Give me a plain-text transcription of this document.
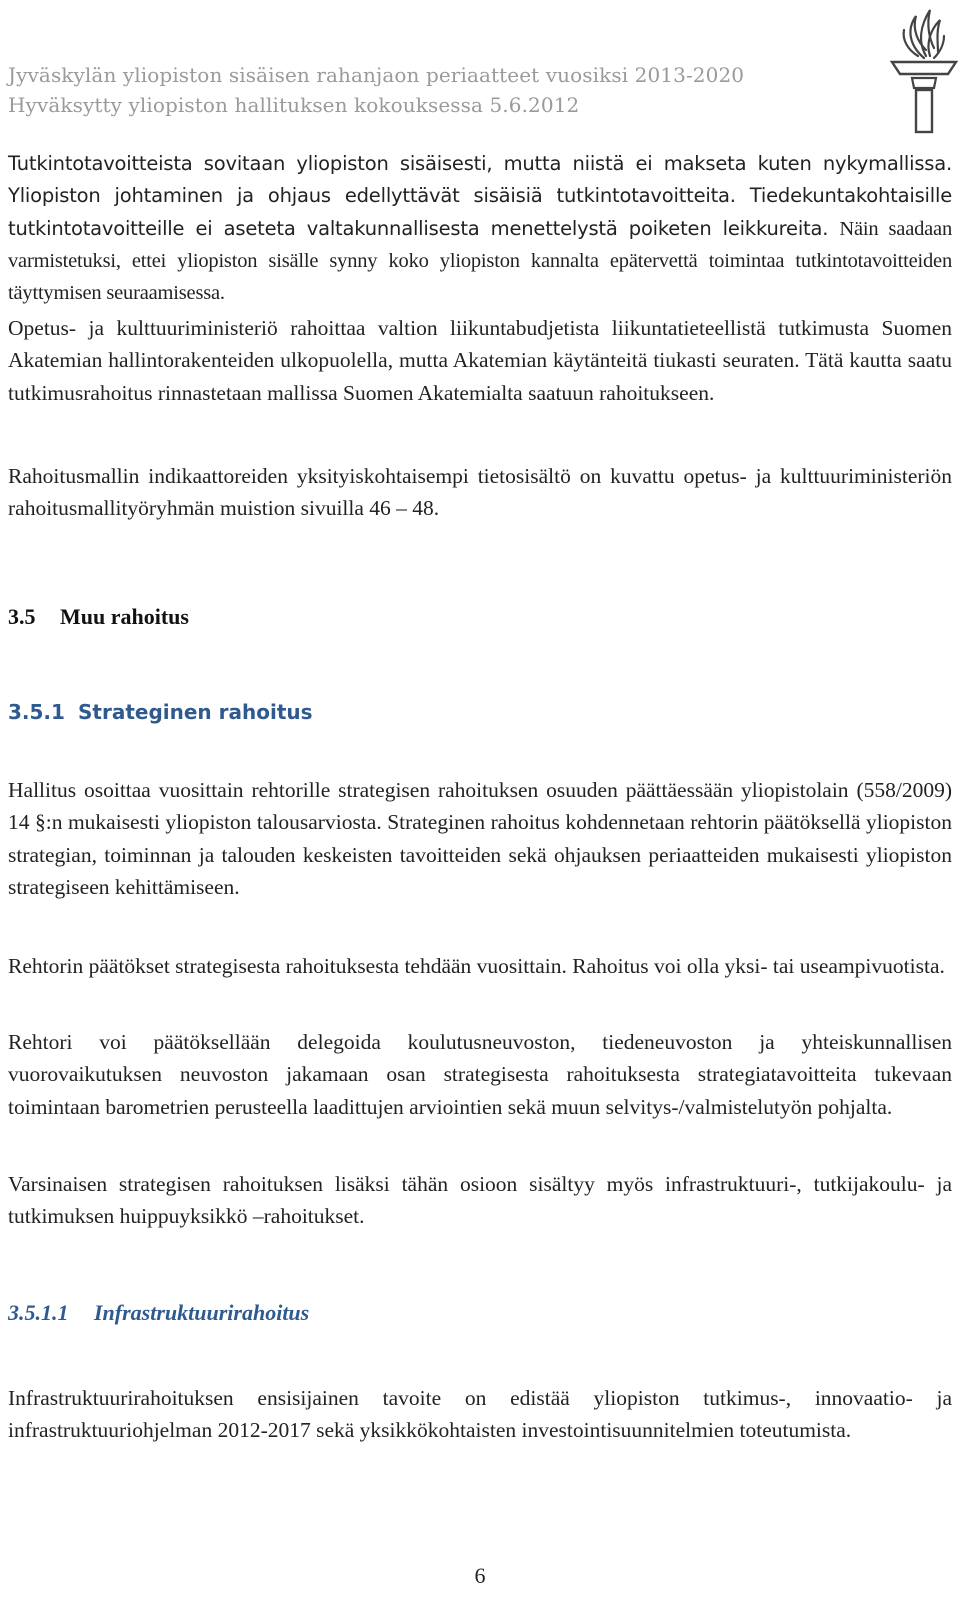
Jyväskylän yliopiston sisäisen rahanjaon periaatteet vuosiksi 2013-2020
Hyväksytty yliopiston hallituksen kokouksessa 5.6.2012

Tutkintotavoitteista sovitaan yliopiston sisäisesti, mutta niistä ei makseta kuten nykymallissa. Yliopiston johtaminen ja ohjaus edellyttävät sisäisiä tutkintotavoitteita. Tiedekuntakohtaisille tutkintotavoitteille ei aseteta valtakunnallisesta menettelystä poiketen leikkureita. Näin saadaan varmistetuksi, ettei yliopiston sisälle synny koko yliopiston kannalta epätervettä toimintaa tutkintotavoitteiden täyttymisen seuraamisessa.

Opetus- ja kulttuuriministeriö rahoittaa valtion liikuntabudjetista liikuntatieteellistä tutkimusta Suomen Akatemian hallintorakenteiden ulkopuolella, mutta Akatemian käytänteitä tiukasti seuraten. Tätä kautta saatu tutkimusrahoitus rinnastetaan mallissa Suomen Akatemialta saatuun rahoitukseen.

Rahoitusmallin indikaattoreiden yksityiskohtaisempi tietosisältö on kuvattu opetus- ja kulttuuriministeriön rahoitusmallityöryhmän muistion sivuilla 46 – 48.

3.5 Muu rahoitus
3.5.1 Strateginen rahoitus

Hallitus osoittaa vuosittain rehtorille strategisen rahoituksen osuuden päättäessään yliopistolain (558/2009) 14 §:n mukaisesti yliopiston talousarviosta. Strateginen rahoitus kohdennetaan rehtorin päätöksellä yliopiston strategian, toiminnan ja talouden keskeisten tavoitteiden sekä ohjauksen periaatteiden mukaisesti yliopiston strategiseen kehittämiseen.

Rehtorin päätökset strategisesta rahoituksesta tehdään vuosittain. Rahoitus voi olla yksi- tai useampivuotista.

Rehtori voi päätöksellään delegoida koulutusneuvoston, tiedeneuvoston ja yhteiskunnallisen vuorovaikutuksen neuvoston jakamaan osan strategisesta rahoituksesta strategiatavoitteita tukevaan toimintaan barometrien perusteella laadittujen arviointien sekä muun selvitys-/valmistelutyön pohjalta.

Varsinaisen strategisen rahoituksen lisäksi tähän osioon sisältyy myös infrastruktuuri-, tutkijakoulu- ja tutkimuksen huippuyksikkö –rahoitukset.

3.5.1.1 Infrastruktuurirahoitus

Infrastruktuurirahoituksen ensisijainen tavoite on edistää yliopiston tutkimus-, innovaatio- ja infrastruktuuriohjelman 2012-2017 sekä yksikkökohtaisten investointisuunnitelmien toteutumista.

6
